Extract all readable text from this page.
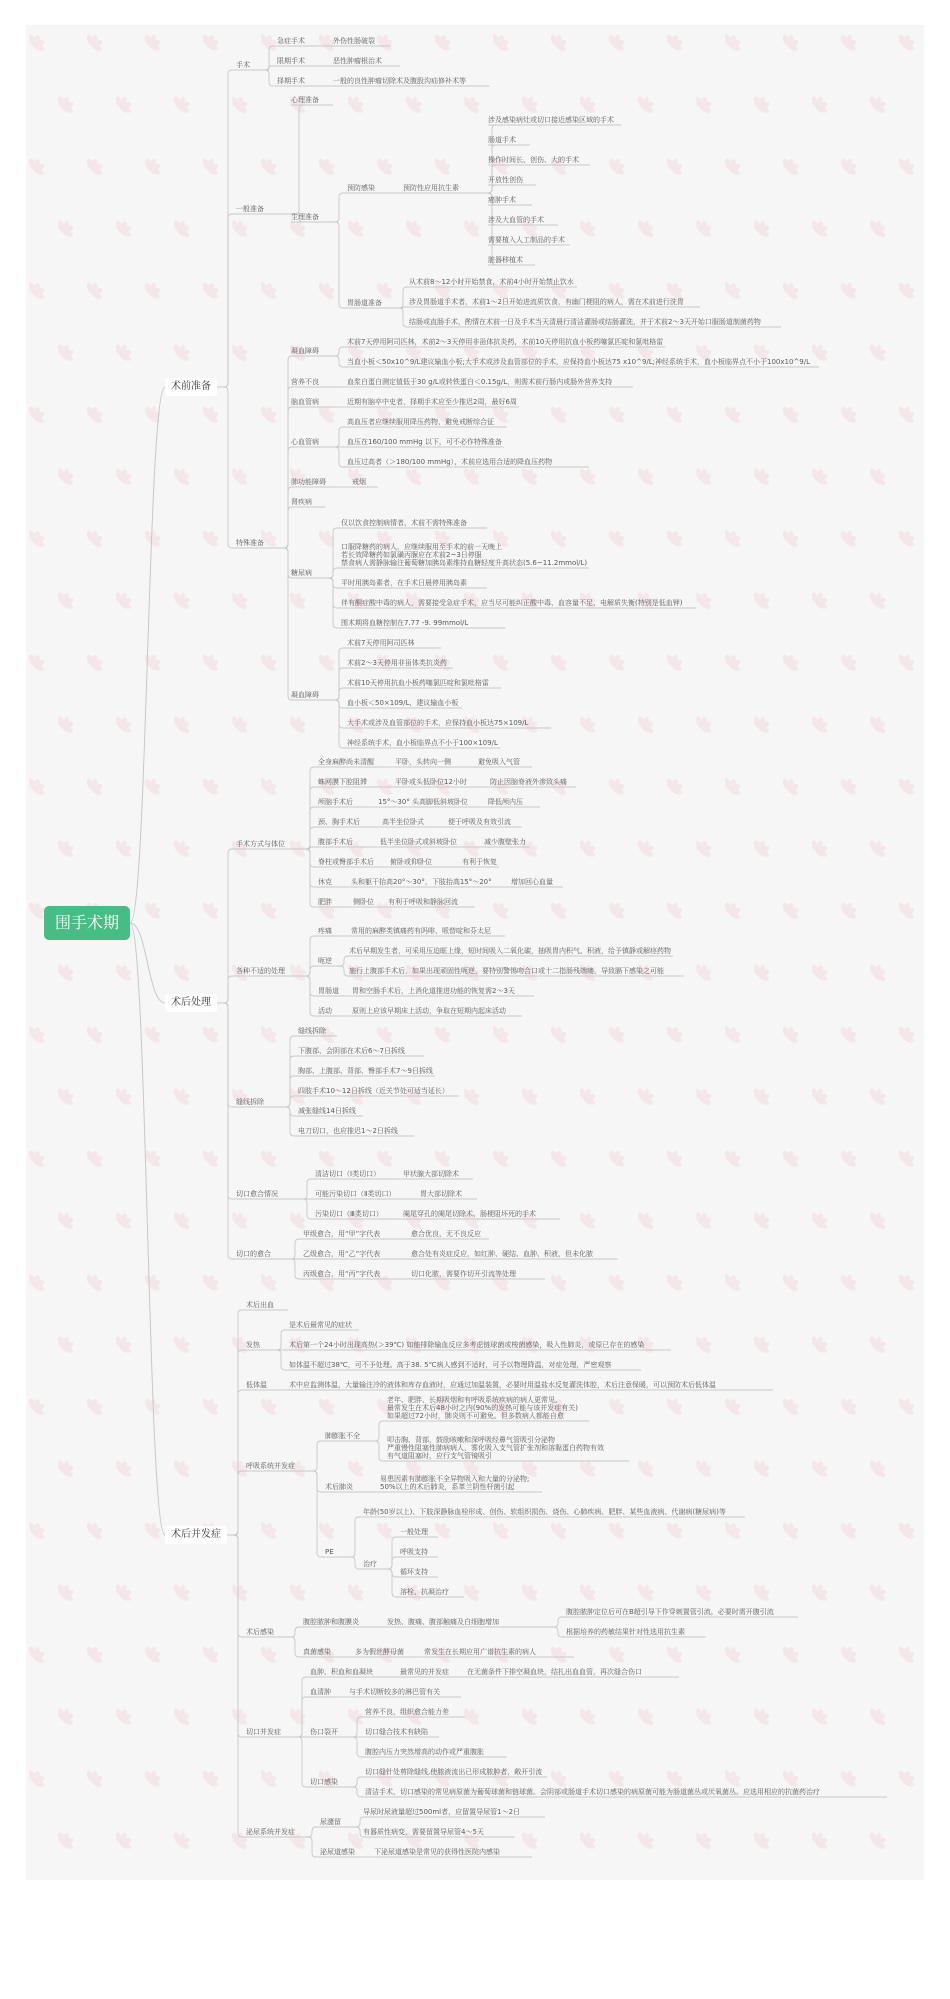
围手术期
术前准备
术后处理
术后并发症
手术
急症手术	外伤性肠破裂
限期手术	恶性肿瘤根治术
择期手术	一般的良性肿瘤切除术及腹股沟疝修补术等
一般准备
心理准备
生理准备
预防感染	预防性应用抗生素
涉及感染病灶或切口接近感染区域的手术
肠道手术
操作时间长、创伤、大的手术
开放性创伤
癌肿手术
涉及大血管的手术
需要植入人工制品的手术
脏器移植术
胃肠道准备
从术前8～12小时开始禁食，术前4小时开始禁止饮水
涉及胃肠道手术者，术前1～2日开始进流质饮食，有幽门梗阻的病人，需在术前进行洗胃
结肠或直肠手术，酌情在术前一日及手术当天清晨行清洁灌肠或结肠灌洗，并于术前2～3天开始口服肠道制菌药物
特殊准备
凝血障碍
术前7天停用阿司匹林，术前2～3天停用非甾体抗炎药，术前10天停用抗血小板药噻氯匹啶和氯吡格雷
当血小板＜50x10^9/L建议输血小板;大手术或涉及血管部位的手术，应保持血小板达75 x10^9/L;神经系统手术，血小板临界点不小于100x10^9/L
营养不良	血浆白蛋白测定值低于30 g/L或转铁蛋白＜0.15g/L，则需术前行肠内或肠外营养支持
脑血管病	近期有脑卒中史者，择期手术应至少推迟2周，最好6周
心血管病
高血压者应继续服用降压药物，避免戒断综合征
血压在160/100 mmHg 以下，可不必作特殊准备
血压过高者（＞180/100 mmHg），术前应选用合适的降血压药物
肺功能障碍	戒烟
肾疾病
糖尿病
仅以饮食控制病情者，术前不需特殊准备
口服降糖药的病人，应继续服用至手术的前一天晚上
若长效降糖药如氯磺丙脲应在术前2~3日停服
禁食病人需静脉输注葡萄糖加胰岛素维持血糖轻度升高状态(5.6~11.2mmol/L)
平时用胰岛素者，在手术日晨停用胰岛素
伴有酮症酸中毒的病人，需要接受急症手术，应当尽可能纠正酸中毒、血容量不足、电解质失衡(特别是低血钾)
围术期将血糖控制在7.77 -9. 99mmol/L
凝血障碍
术前7天停用阿司匹林
术前2～3天停用非甾体类抗炎药
术前10天停用抗血小板药噻氯匹啶和氯吡格雷
血小板＜50×109/L，建议输血小板
大手术或涉及血管部位的手术，应保持血小板达75×109/L
神经系统手术，血小板临界点不小于100×109/L
手术方式与体位
全身麻醉尚未清醒	平卧，头转向一侧	避免吸入气管
蛛网膜下腔阻滞	平卧或头低卧位12小时	防止因脑脊液外渗致头痛
颅脑手术后	15°～30° 头高脚低斜坡卧位	降低颅内压
颈、胸手术后	高半坐位卧式	便于呼吸及有效引流
腹部手术后	低半坐位卧式或斜坡卧位	减少腹壁张力
脊柱或臀部手术后 俯卧或仰卧位	有利于恢复
休克	头和躯干抬高20°～30°，下肢抬高15°～20°	增加回心血量
肥胖	侧卧位 有利于呼吸和静脉回流
各种不适的处理
疼痛	常用的麻醉类镇痛药有吗啡、哌替啶和芬太尼
呃逆
术后早期发生者，可采用压迫眶上缘，短时间吸入二氧化碳，抽吸胃内积气、积液，给予镇静或解痉药物
施行上腹部手术后，如果出现顽固性呃逆，要特别警惕吻合口或十二指肠残端瘘，导致膈下感染之可能
胃肠道 胃和空肠手术后，上消化道推进功能的恢复需2～3天
活动	原则上应该早期床上活动，争取在短期内起床活动
缝线拆除
缝线拆除
下腹部、会阴部在术后6～7日拆线
胸部、上腹部、背部、臀部手术7～9日拆线
四肢手术10～12日拆线（近关节处可适当延长）
减张缝线14日拆线
电刀切口，也应推迟1～2日拆线
切口愈合情况
清洁切口（Ⅰ类切口）	甲状腺大部切除术
可能污染切口（Ⅱ类切口）	胃大部切除术
污染切口（Ⅲ类切口）	阑尾穿孔的阑尾切除术、肠梗阻坏死的手术
切口的愈合
甲级愈合，用“甲”字代表	愈合优良，无不良反应
乙级愈合，用“乙”字代表	愈合处有炎症反应，如红肿、硬结、血肿、积液，但未化脓
丙级愈合，用“丙”字代表	切口化脓，需要作切开引流等处理
术后出血
发热
是术后最常见的症状
术后第一个24小时出现高热(＞39℃) 如能排除输血反应多考虑链球菌或梭菌感染，吸入性肺炎，或原已存在的感染
如体温不超过38℃，可不予处理。高于38. 5℃病人感到不适时，可予以物理降温，对症处理，严密观察
低体温	术中应监测体温，大量输注冷的液体和库存血液时，应通过加温装置，必要时用温盐水反复灌洗体腔，术后注意保暖，可以预防术后低体温
呼吸系统并发症
肺膨胀不全
老年、肥胖、长期吸烟和有呼吸系统疾病的病人更常见，
最常发生在术后48小时之内(90%的发热可能与该并发症有关)
如果超过72小时，肺炎则不可避免。但多数病人都能自愈
叩击胸、背部，鼓励咳嗽和深呼吸经鼻气管吸引分泌物
严重慢性阻塞性肺病病人，雾化吸入支气管扩张剂和溶黏蛋白药物有效
有气道阻塞时，应行支气管镜吸引
术后肺炎
易患因素有肺膨胀不全异物吸入和大量的分泌物;
50%以上的术后肺炎，系革兰阴性杆菌引起
PE
年龄(50岁以上)、下肢深静脉血栓形成、创伤、软组织损伤、烧伤、心肺疾病、肥胖、某些血液病、代谢病(糖尿病)等
治疗
一般处理
呼吸支持
循环支持
溶栓、抗凝治疗
术后感染
腹腔脓肿和腹膜炎	发热、腹痛、腹部触痛及白细胞增加
腹腔脓肿定位后可在B超引导下作穿刺置管引流，必要时需开腹引流
根据培养的药敏结果针对性选用抗生素
真菌感染	多为假丝酵母菌	常发生在长期应用广谱抗生素的病人
切口并发症
血肿、积血和血凝块	最常见的并发症	在无菌条件下排空凝血块，结扎出血血管，再次缝合伤口
血清肿	与手术切断较多的淋巴管有关
伤口裂开
营养不良，组织愈合能力差
切口缝合技术有缺陷
腹腔内压力突然增高的动作或严重腹胀
切口感染
切口缝针处剪除缝线,使脓液流出已形成脓肿者，敞开引流
清洁手术，切口感染的常见病原菌为葡萄球菌和链球菌。会阴部或肠道手术切口感染的病原菌可能为肠道菌丛或厌氧菌丛。应选用相应的抗菌药治疗
泌尿系统并发症
尿潴留
导尿时尿液量超过500ml者，应留置导尿管1～2日
有器质性病变，需要留置导尿管4～5天
泌尿道感染	下泌尿道感染是常见的获得性医院内感染
